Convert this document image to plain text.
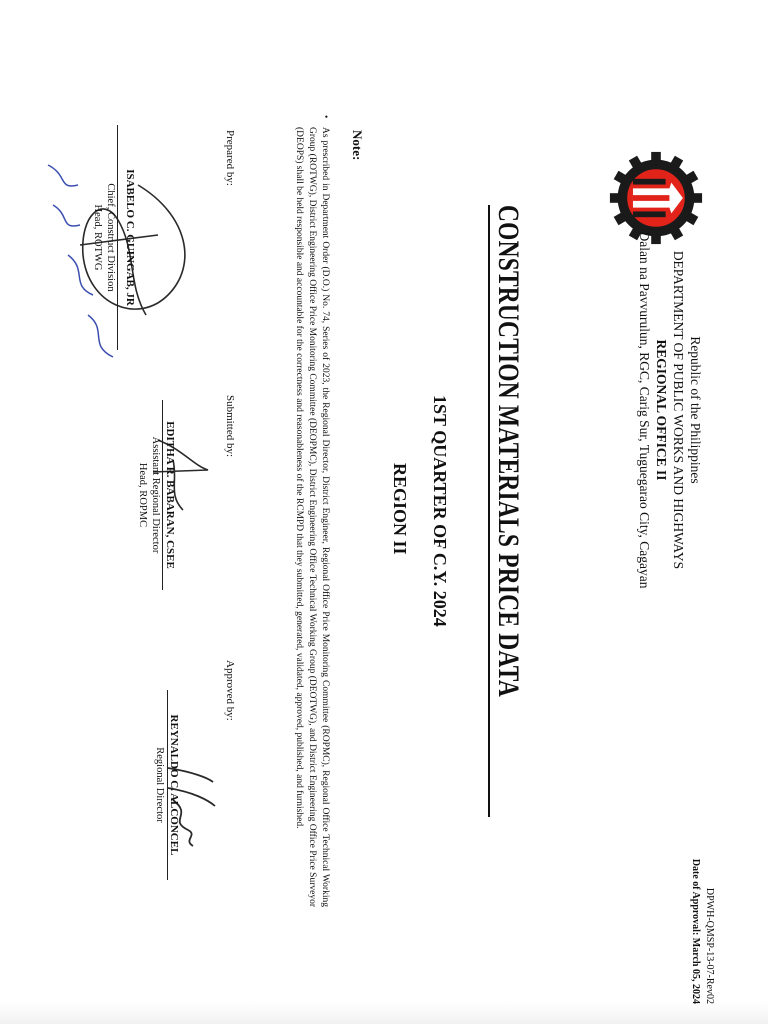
DPWH-QMSP-13-07-Rev02
Date of Approval: March 05, 2024
Republic of the Philippines
DEPARTMENT OF PUBLIC WORKS AND HIGHWAYS
REGIONAL OFFICE II
Dalan na Pavvurulun, RGC, Carig Sur, Tuguegarao City, Cagayan
CONSTRUCTION MATERIALS PRICE DATA
1ST QUARTER OF C.Y. 2024
REGION II
Note:
•
As prescribed in Department Order (D.O.) No. 74, Series of 2023, the Regional Director, District Engineer, Regional Office Price Monitoring Committee (ROPMC), Regional Office Technical Working Group (ROTWG), District Engineering Office Price Monitoring Committee (DEOPMC), District Engineering Office Technical Working Group (DEOTWG), and District Engineering Office Price Surveyor (DEOPS) shall be held responsible and accountable for the correctness and reasonableness of the RCMPD that they submitted, generated, validated, approved, published, and furnished.
Prepared by:
ISABELO C. GUINGAB, JR
Chief, Construct Division
Head, ROTWG
Submitted by:
EDITHA R. BABARAN, CSEE
Assistant Regional Director
Head, ROPMC
Approved by:
REYNALDO C. ALCONCEL
Regional Director
